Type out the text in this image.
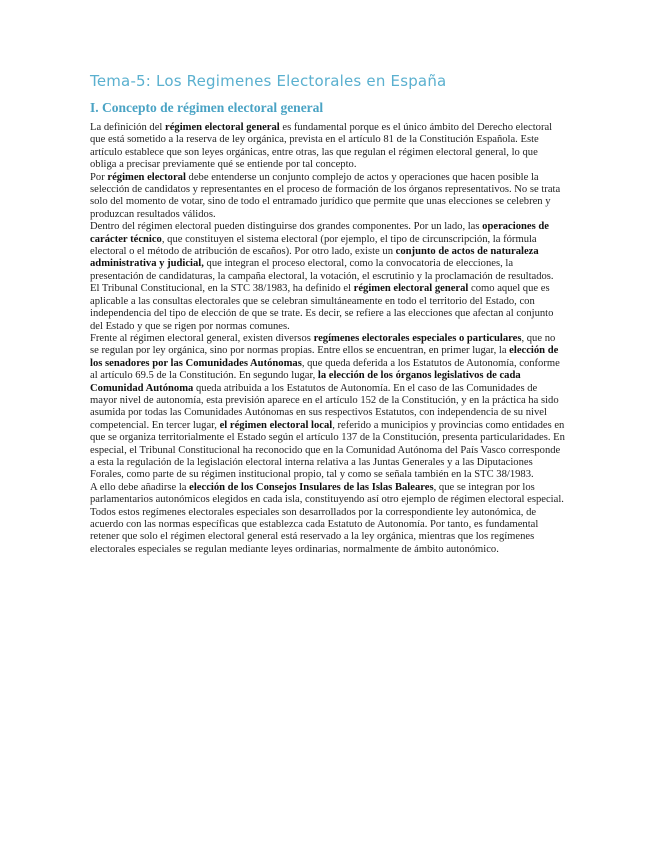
Tema-5: Los Regimenes Electorales en España
I. Concepto de régimen electoral general

La definición del régimen electoral general es fundamental porque es el único ámbito del Derecho electoral que está sometido a la reserva de ley orgánica, prevista en el artículo 81 de la Constitución Española. Este artículo establece que son leyes orgánicas, entre otras, las que regulan el régimen electoral general, lo que obliga a precisar previamente qué se entiende por tal concepto.

Por régimen electoral debe entenderse un conjunto complejo de actos y operaciones que hacen posible la selección de candidatos y representantes en el proceso de formación de los órganos representativos. No se trata solo del momento de votar, sino de todo el entramado jurídico que permite que unas elecciones se celebren y produzcan resultados válidos.

Dentro del régimen electoral pueden distinguirse dos grandes componentes. Por un lado, las operaciones de carácter técnico, que constituyen el sistema electoral (por ejemplo, el tipo de circunscripción, la fórmula electoral o el método de atribución de escaños). Por otro lado, existe un conjunto de actos de naturaleza administrativa y judicial, que integran el proceso electoral, como la convocatoria de elecciones, la presentación de candidaturas, la campaña electoral, la votación, el escrutinio y la proclamación de resultados.

El Tribunal Constitucional, en la STC 38/1983, ha definido el régimen electoral general como aquel que es aplicable a las consultas electorales que se celebran simultáneamente en todo el territorio del Estado, con independencia del tipo de elección de que se trate. Es decir, se refiere a las elecciones que afectan al conjunto del Estado y que se rigen por normas comunes.

Frente al régimen electoral general, existen diversos regímenes electorales especiales o particulares, que no se regulan por ley orgánica, sino por normas propias. Entre ellos se encuentran, en primer lugar, la elección de los senadores por las Comunidades Autónomas, que queda deferida a los Estatutos de Autonomía, conforme al artículo 69.5 de la Constitución. En segundo lugar, la elección de los órganos legislativos de cada Comunidad Autónoma queda atribuida a los Estatutos de Autonomía. En el caso de las Comunidades de mayor nivel de autonomía, esta previsión aparece en el artículo 152 de la Constitución, y en la práctica ha sido asumida por todas las Comunidades Autónomas en sus respectivos Estatutos, con independencia de su nivel competencial. En tercer lugar, el régimen electoral local, referido a municipios y provincias como entidades en que se organiza territorialmente el Estado según el artículo 137 de la Constitución, presenta particularidades. En especial, el Tribunal Constitucional ha reconocido que en la Comunidad Autónoma del País Vasco corresponde a esta la regulación de la legislación electoral interna relativa a las Juntas Generales y a las Diputaciones Forales, como parte de su régimen institucional propio, tal y como se señala también en la STC 38/1983.

A ello debe añadirse la elección de los Consejos Insulares de las Islas Baleares, que se integran por los parlamentarios autonómicos elegidos en cada isla, constituyendo así otro ejemplo de régimen electoral especial.

Todos estos regímenes electorales especiales son desarrollados por la correspondiente ley autonómica, de acuerdo con las normas específicas que establezca cada Estatuto de Autonomía. Por tanto, es fundamental retener que solo el régimen electoral general está reservado a la ley orgánica, mientras que los regímenes electorales especiales se regulan mediante leyes ordinarias, normalmente de ámbito autonómico.
